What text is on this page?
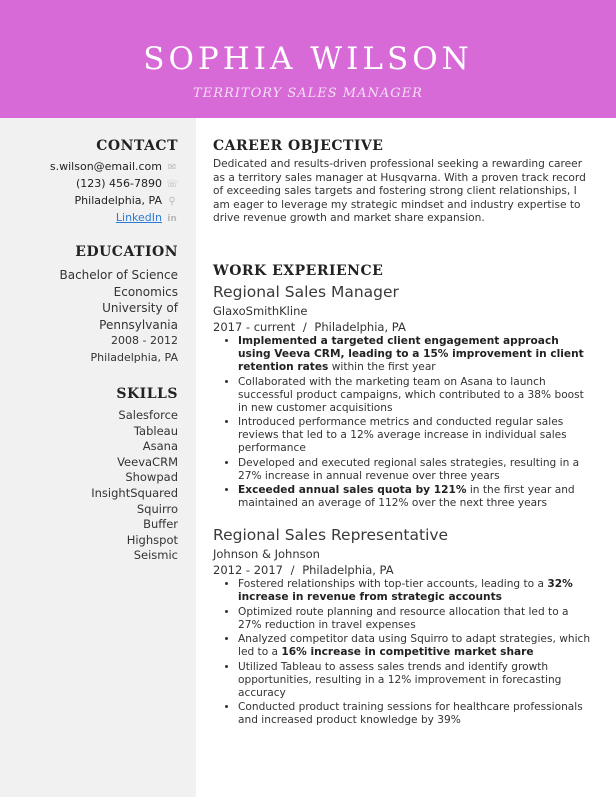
SOPHIA WILSON
TERRITORY SALES MANAGER
CONTACT
s.wilson@email.com ✉
(123) 456-7890 ☏
Philadelphia, PA ⚲
LinkedIn in
EDUCATION
Bachelor of Science
Economics
University of
Pennsylvania
2008 - 2012
Philadelphia, PA
SKILLS
Salesforce
Tableau
Asana
VeevaCRM
Showpad
InsightSquared
Squirro
Buffer
Highspot
Seismic
CAREER OBJECTIVE

Dedicated and results-driven professional seeking a rewarding career as a territory sales manager at Husqvarna. With a proven track record of exceeding sales targets and fostering strong client relationships, I am eager to leverage my strategic mindset and industry expertise to drive revenue growth and market share expansion.

WORK EXPERIENCE
Regional Sales Manager
GlaxoSmithKline
2017 - current / Philadelphia, PA
• Implemented a targeted client engagement approach using Veeva CRM, leading to a 15% improvement in client retention rates within the first year
• Collaborated with the marketing team on Asana to launch successful product campaigns, which contributed to a 38% boost in new customer acquisitions
• Introduced performance metrics and conducted regular sales reviews that led to a 12% average increase in individual sales performance
• Developed and executed regional sales strategies, resulting in a 27% increase in annual revenue over three years
• Exceeded annual sales quota by 121% in the first year and maintained an average of 112% over the next three years
Regional Sales Representative
Johnson & Johnson
2012 - 2017 / Philadelphia, PA
• Fostered relationships with top-tier accounts, leading to a 32% increase in revenue from strategic accounts
• Optimized route planning and resource allocation that led to a 27% reduction in travel expenses
• Analyzed competitor data using Squirro to adapt strategies, which led to a 16% increase in competitive market share
• Utilized Tableau to assess sales trends and identify growth opportunities, resulting in a 12% improvement in forecasting accuracy
• Conducted product training sessions for healthcare professionals and increased product knowledge by 39%
